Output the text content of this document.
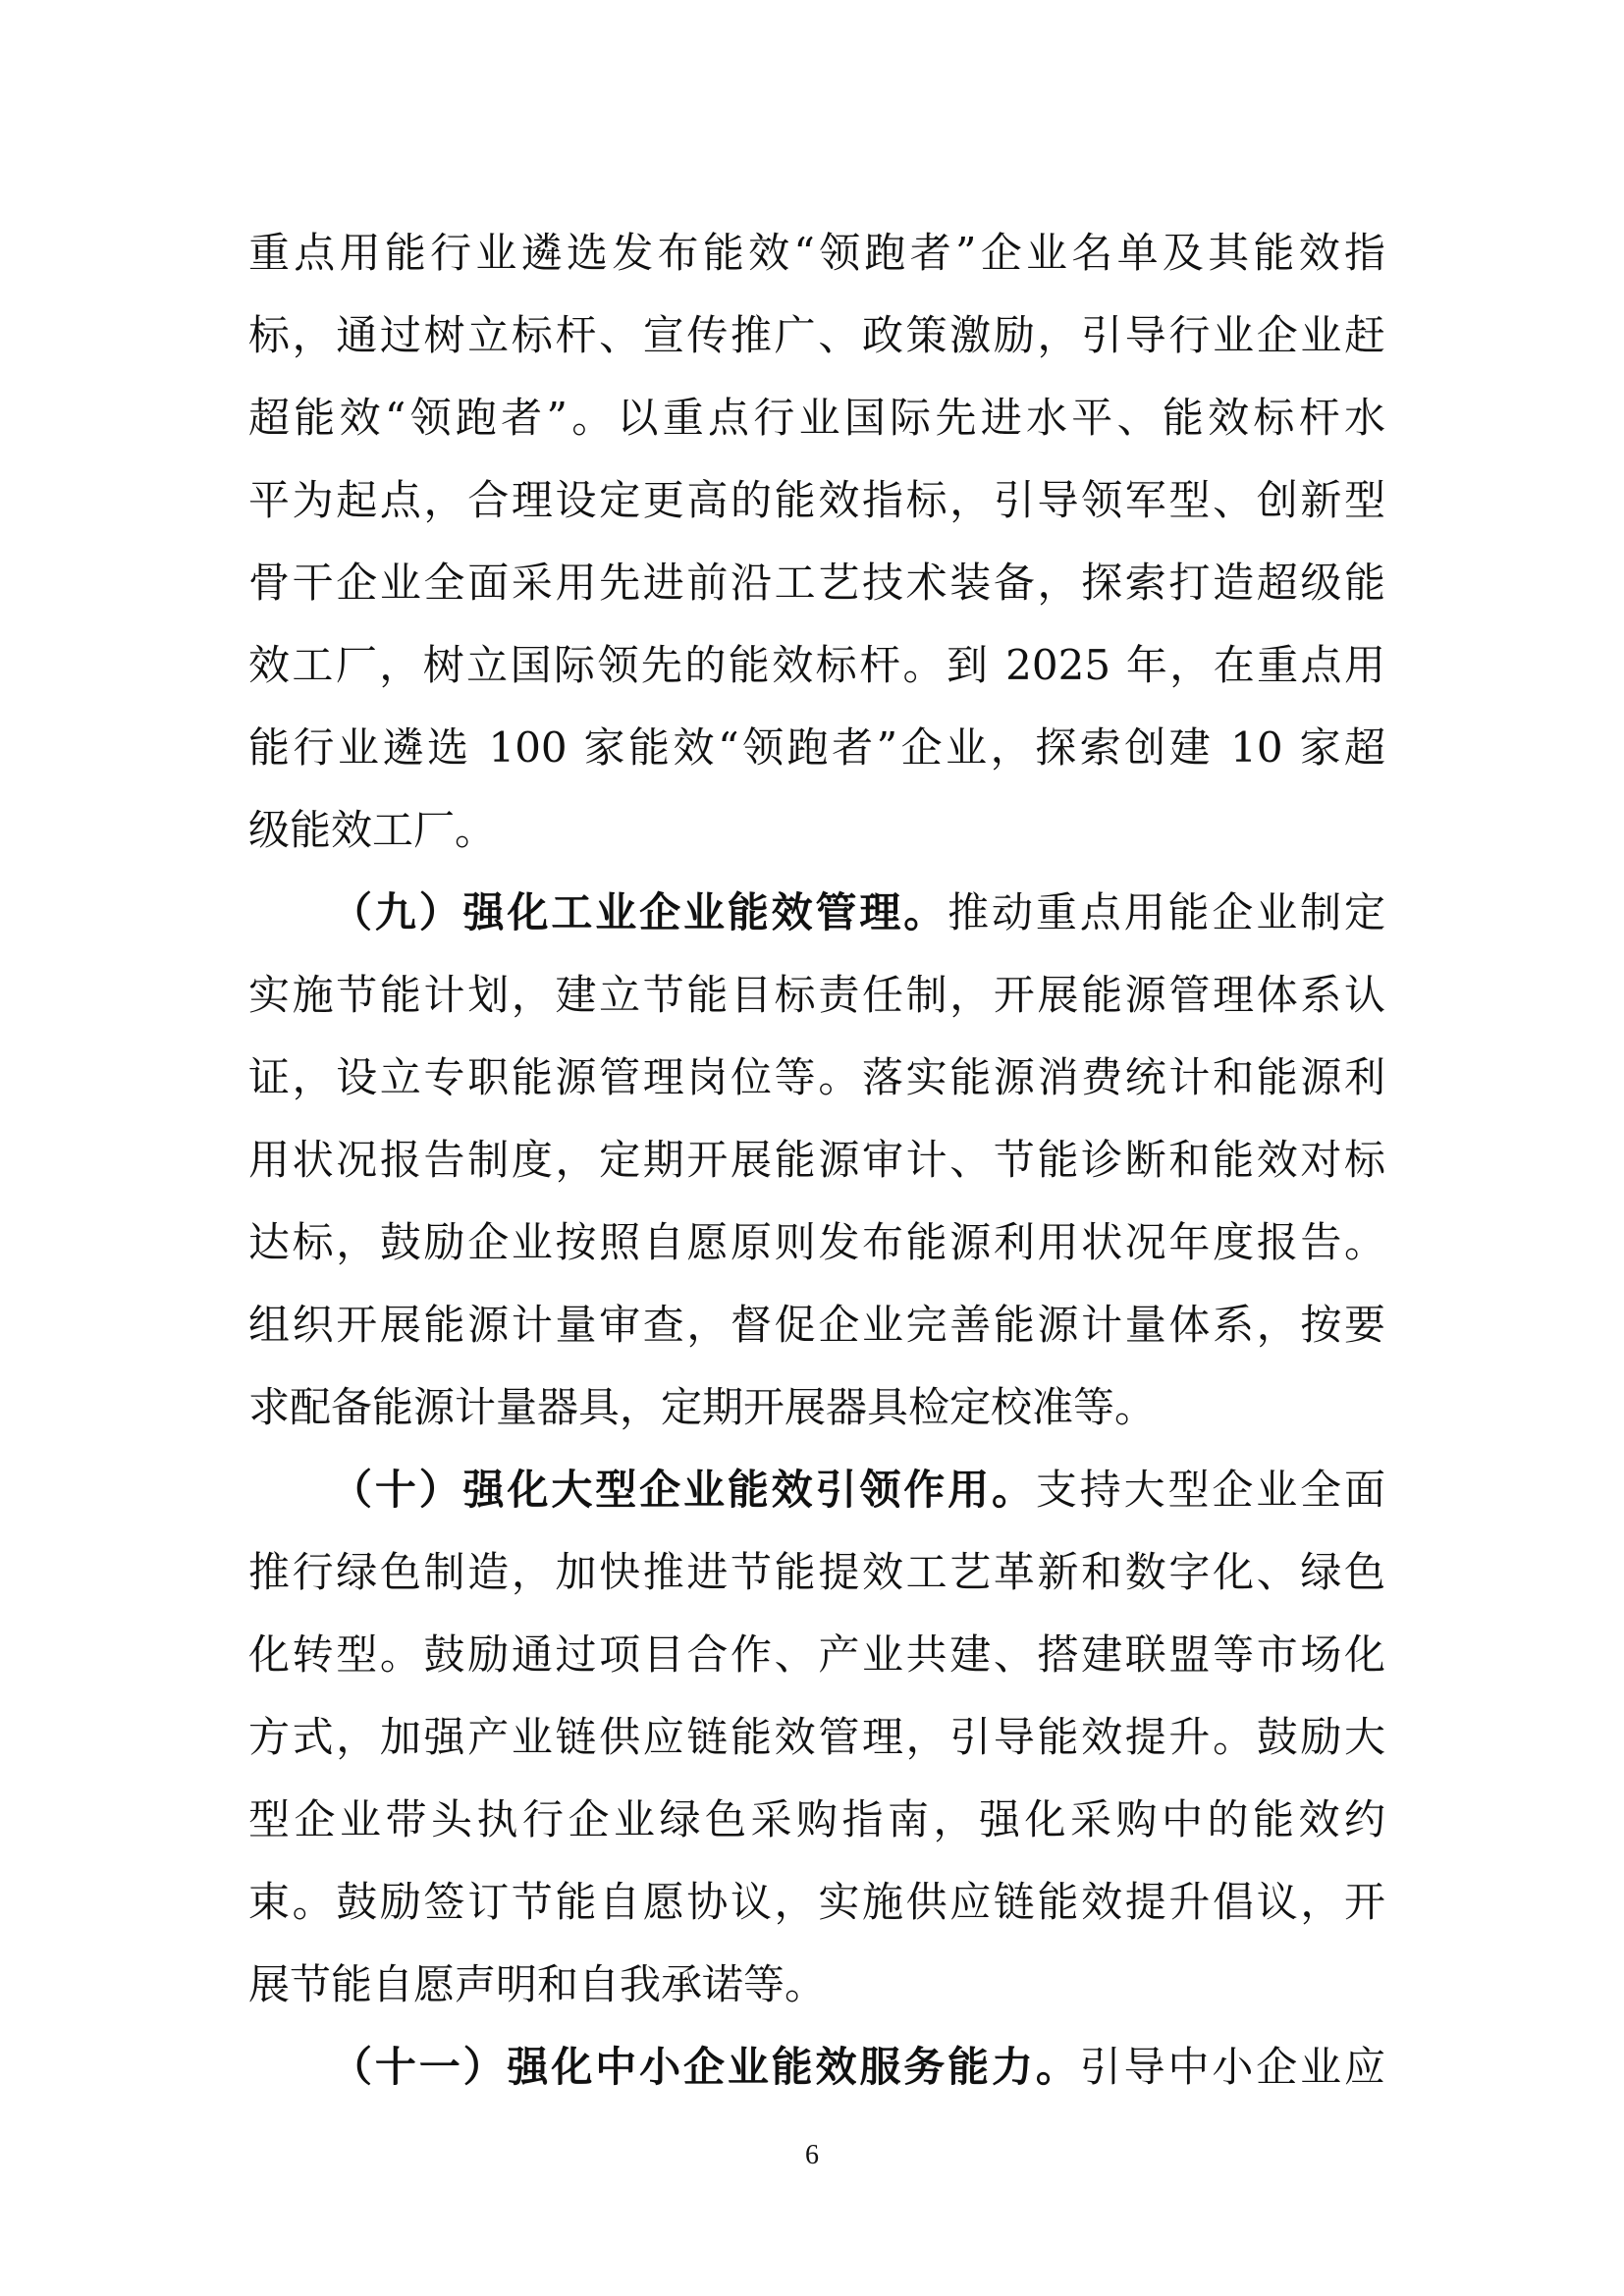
重点用能行业遴选发布能效“领跑者”企业名单及其能效指
标，通过树立标杆、宣传推广、政策激励，引导行业企业赶
超能效“领跑者”。以重点行业国际先进水平、能效标杆水
平为起点，合理设定更高的能效指标，引导领军型、创新型
骨干企业全面采用先进前沿工艺技术装备，探索打造超级能
效工厂，树立国际领先的能效标杆。到 2025 年，在重点用
能行业遴选 100 家能效“领跑者”企业，探索创建 10 家超
级能效工厂。
（九）强化工业企业能效管理。推动重点用能企业制定
实施节能计划，建立节能目标责任制，开展能源管理体系认
证，设立专职能源管理岗位等。落实能源消费统计和能源利
用状况报告制度，定期开展能源审计、节能诊断和能效对标
达标，鼓励企业按照自愿原则发布能源利用状况年度报告。
组织开展能源计量审查，督促企业完善能源计量体系，按要
求配备能源计量器具，定期开展器具检定校准等。
（十）强化大型企业能效引领作用。支持大型企业全面
推行绿色制造，加快推进节能提效工艺革新和数字化、绿色
化转型。鼓励通过项目合作、产业共建、搭建联盟等市场化
方式，加强产业链供应链能效管理，引导能效提升。鼓励大
型企业带头执行企业绿色采购指南，强化采购中的能效约
束。鼓励签订节能自愿协议，实施供应链能效提升倡议，开
展节能自愿声明和自我承诺等。
（十一）强化中小企业能效服务能力。引导中小企业应
6
